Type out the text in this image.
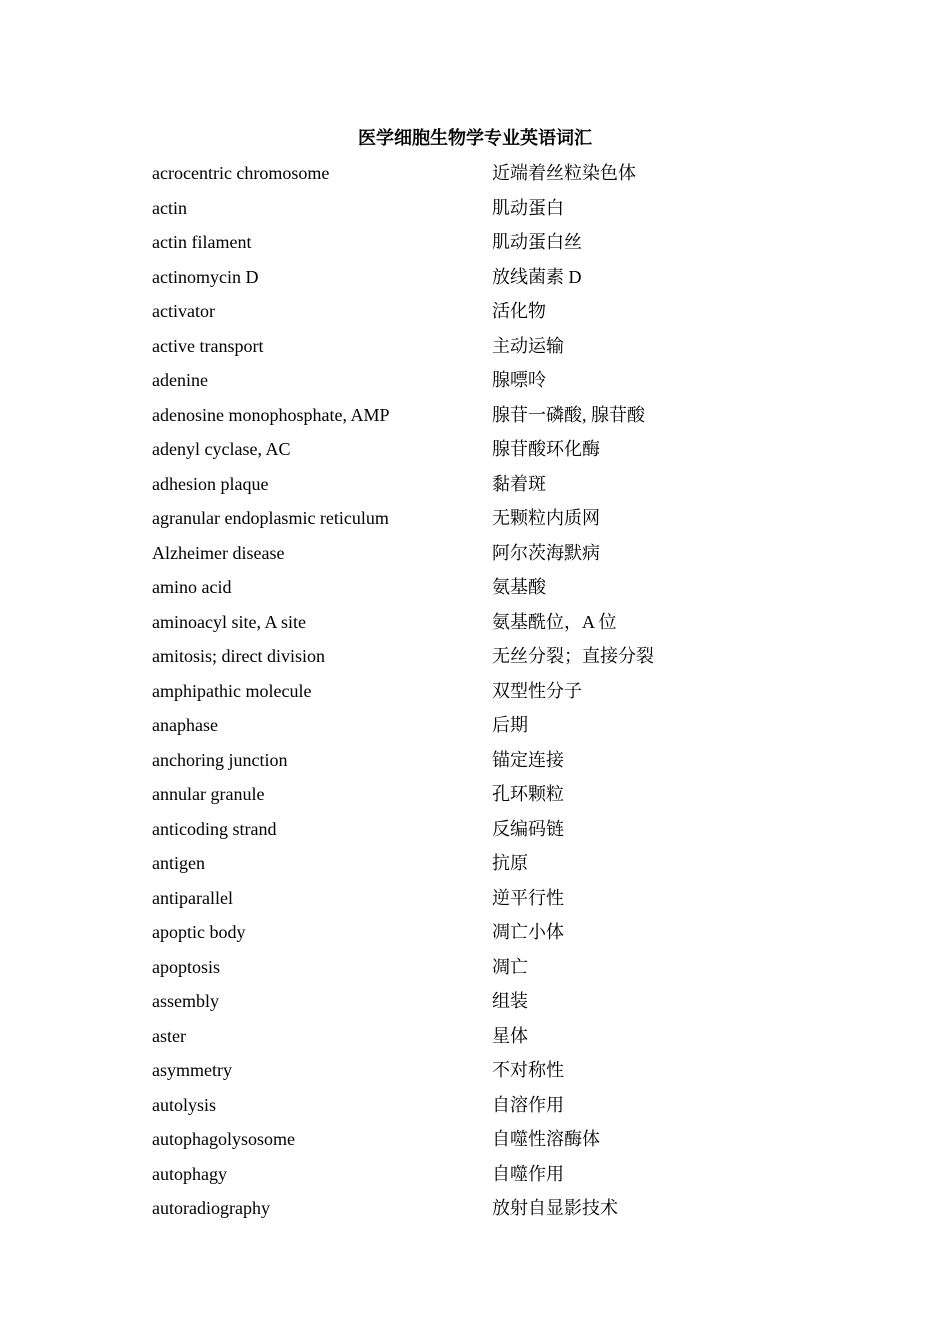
医学细胞生物学专业英语词汇
acrocentric chromosome	近端着丝粒染色体
actin	肌动蛋白
actin filament	肌动蛋白丝
actinomycin D	放线菌素 D
activator	活化物
active transport	主动运输
adenine	腺嘌呤
adenosine monophosphate, AMP	腺苷一磷酸, 腺苷酸
adenyl cyclase, AC	腺苷酸环化酶
adhesion plaque	黏着斑
agranular endoplasmic reticulum	无颗粒内质网
Alzheimer disease	阿尔茨海默病
amino acid	氨基酸
aminoacyl site, A site	氨基酰位，A 位
amitosis; direct division	无丝分裂；直接分裂
amphipathic molecule	双型性分子
anaphase	后期
anchoring junction	锚定连接
annular granule	孔环颗粒
anticoding strand	反编码链
antigen	抗原
antiparallel	逆平行性
apoptic body	凋亡小体
apoptosis	凋亡
assembly	组装
aster	星体
asymmetry	不对称性
autolysis	自溶作用
autophagolysosome	自噬性溶酶体
autophagy	自噬作用
autoradiography	放射自显影技术
